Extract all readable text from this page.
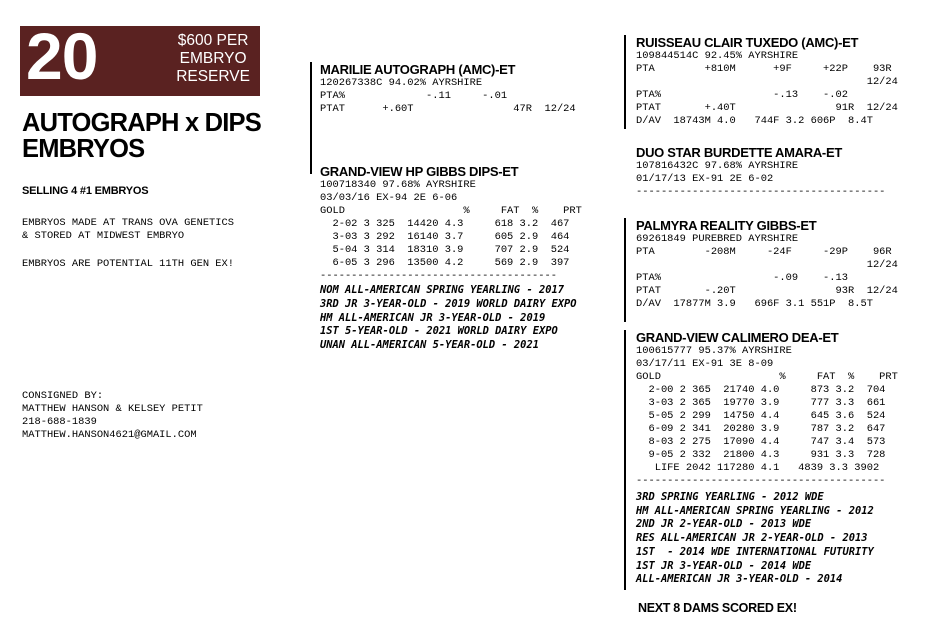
20	$600 PER
EMBRYO
RESERVE
AUTOGRAPH x DIPS
EMBRYOS
SELLING 4 #1 EMBRYOS
EMBRYOS MADE AT TRANS OVA GENETICS
& STORED AT MIDWEST EMBRYO
EMBRYOS ARE POTENTIAL 11TH GEN EX!
CONSIGNED BY:
MATTHEW HANSON & KELSEY PETIT
218-688-1839
MATTHEW.HANSON4621@GMAIL.COM
MARILIE AUTOGRAPH (AMC)-ET
120267338C 94.02% AYRSHIRE
PTA%             -.11     -.01
PTAT      +.60T                47R  12/24
GRAND-VIEW HP GIBBS DIPS-ET
100718340 97.68% AYRSHIRE
03/03/16 EX-94 2E 6-06
GOLD                   %     FAT  %    PRT
2-02 3 325  14420 4.3     618 3.2  467
3-03 3 292  16140 3.7     605 2.9  464
5-04 3 314  18310 3.9     707 2.9  524
6-05 3 296  13500 4.2     569 2.9  397
--------------------------------------
NOM ALL-AMERICAN SPRING YEARLING - 2017
3RD JR 3-YEAR-OLD - 2019 WORLD DAIRY EXPO
HM ALL-AMERICAN JR 3-YEAR-OLD - 2019
1ST 5-YEAR-OLD - 2021 WORLD DAIRY EXPO
UNAN ALL-AMERICAN 5-YEAR-OLD - 2021
RUISSEAU CLAIR TUXEDO (AMC)-ET
109844514C 92.45% AYRSHIRE
PTA        +810M      +9F     +22P    93R
12/24
PTA%                  -.13    -.02
PTAT       +.40T                91R  12/24
D/AV  18743M 4.0   744F 3.2 606P  8.4T
DUO STAR BURDETTE AMARA-ET
107816432C 97.68% AYRSHIRE
01/17/13 EX-91 2E 6-02
----------------------------------------
PALMYRA REALITY GIBBS-ET
69261849 PUREBRED AYRSHIRE
PTA        -208M     -24F     -29P    96R
12/24
PTA%                  -.09    -.13
PTAT       -.20T                93R  12/24
D/AV  17877M 3.9   696F 3.1 551P  8.5T
GRAND-VIEW CALIMERO DEA-ET
100615777 95.37% AYRSHIRE
03/17/11 EX-91 3E 8-09
GOLD                   %     FAT  %    PRT
2-00 2 365  21740 4.0     873 3.2  704
3-03 2 365  19770 3.9     777 3.3  661
5-05 2 299  14750 4.4     645 3.6  524
6-09 2 341  20280 3.9     787 3.2  647
8-03 2 275  17090 4.4     747 3.4  573
9-05 2 332  21800 4.3     931 3.3  728
LIFE 2042 117280 4.1   4839 3.3 3902
----------------------------------------
3RD SPRING YEARLING - 2012 WDE
HM ALL-AMERICAN SPRING YEARLING - 2012
2ND JR 2-YEAR-OLD - 2013 WDE
RES ALL-AMERICAN JR 2-YEAR-OLD - 2013
1ST  - 2014 WDE INTERNATIONAL FUTURITY
1ST JR 3-YEAR-OLD - 2014 WDE
ALL-AMERICAN JR 3-YEAR-OLD - 2014
NEXT 8 DAMS SCORED EX!
